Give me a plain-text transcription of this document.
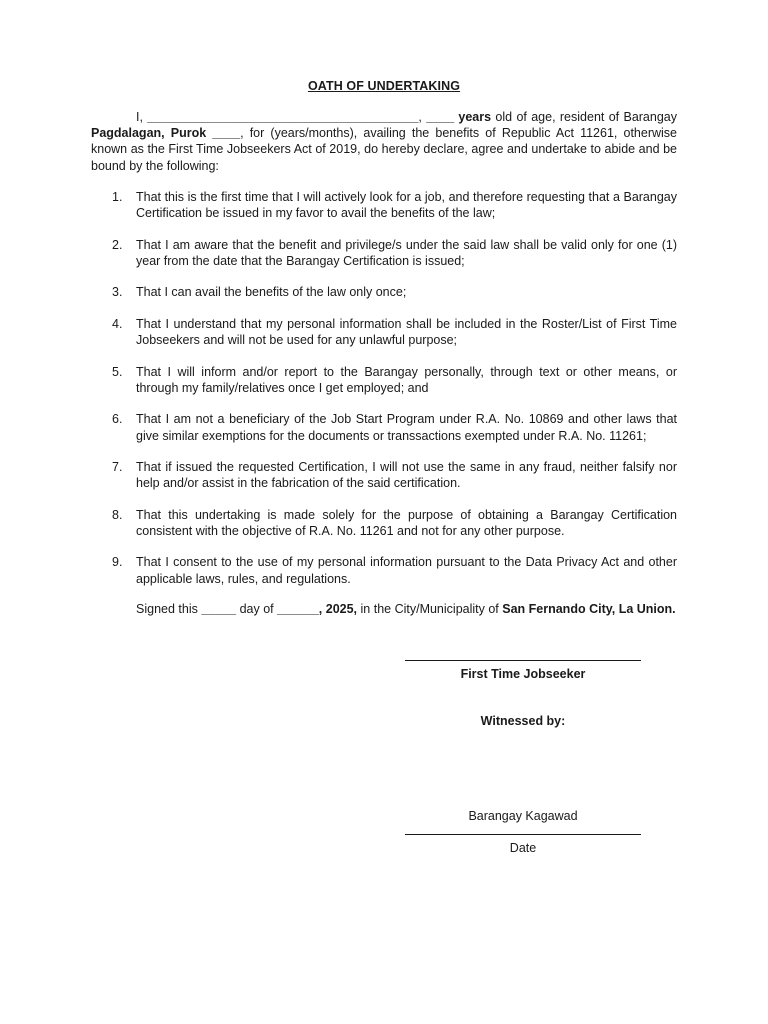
OATH OF UNDERTAKING

I, _______________________________________, ____ years old of age, resident of Barangay Pagdalagan, Purok ____, for (years/months), availing the benefits of Republic Act 11261, otherwise known as the First Time Jobseekers Act of 2019, do hereby declare, agree and undertake to abide and be bound by the following:

1. That this is the first time that I will actively look for a job, and therefore requesting that a Barangay Certification be issued in my favor to avail the benefits of the law;
2. That I am aware that the benefit and privilege/s under the said law shall be valid only for one (1) year from the date that the Barangay Certification is issued;
3. That I can avail the benefits of the law only once;
4. That I understand that my personal information shall be included in the Roster/List of First Time Jobseekers and will not be used for any unlawful purpose;
5. That I will inform and/or report to the Barangay personally, through text or other means, or through my family/relatives once I get employed; and
6. That I am not a beneficiary of the Job Start Program under R.A. No. 10869 and other laws that give similar exemptions for the documents or transsactions exempted under R.A. No. 11261;
7. That if issued the requested Certification, I will not use the same in any fraud, neither falsify nor help and/or assist in the fabrication of the said certification.
8. That this undertaking is made solely for the purpose of obtaining a Barangay Certification consistent with the objective of R.A. No. 11261 and not for any other purpose.
9. That I consent to the use of my personal information pursuant to the Data Privacy Act and other applicable laws, rules, and regulations.
Signed this _____ day of ______, 2025, in the City/Municipality of San Fernando City, La Union.
First Time Jobseeker
Witnessed by:
Barangay Kagawad
Date
